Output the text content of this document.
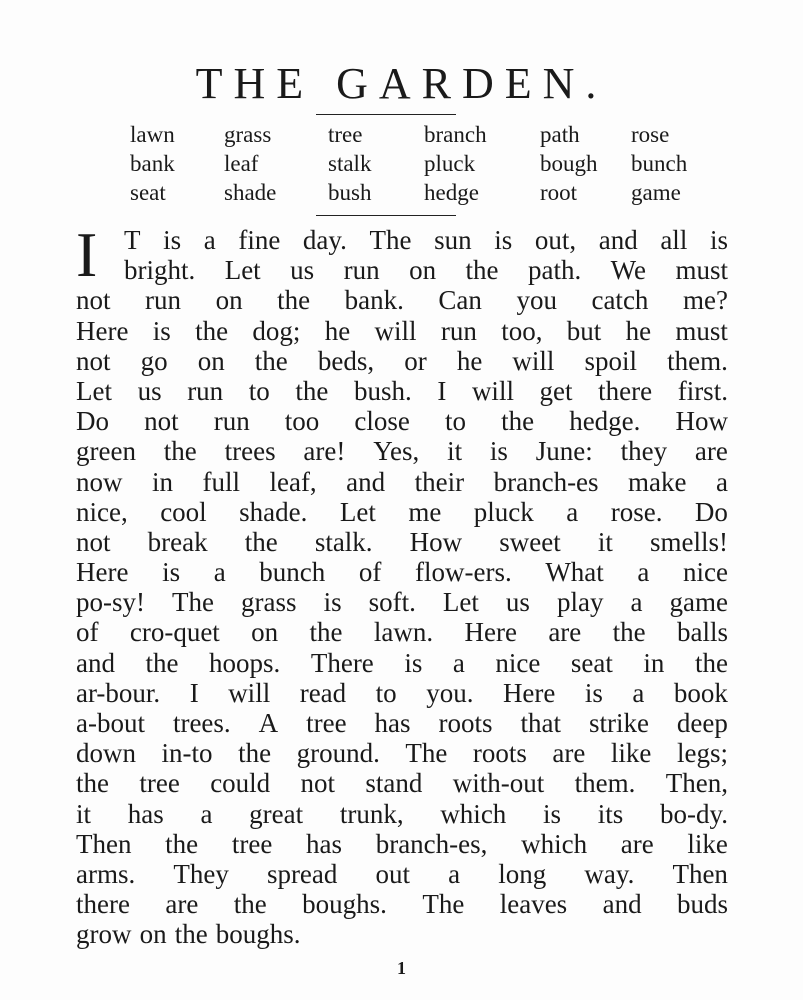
THE GARDEN.
lawn	grass	tree	branch	path	rose
bank	leaf	stalk	pluck	bough	bunch
seat	shade	bush	hedge	root	game
I T is a fine day. The sun is out, and all is
bright. Let us run on the path. We must
not run on the bank. Can you catch me?
Here is the dog; he will run too, but he must
not go on the beds, or he will spoil them.
Let us run to the bush. I will get there first.
Do not run too close to the hedge. How
green the trees are! Yes, it is June: they are
now in full leaf, and their branch-es make a
nice, cool shade. Let me pluck a rose. Do
not break the stalk. How sweet it smells!
Here is a bunch of flow-ers. What a nice
po-sy! The grass is soft. Let us play a game
of cro-quet on the lawn. Here are the balls
and the hoops. There is a nice seat in the
ar-bour. I will read to you. Here is a book
a-bout trees. A tree has roots that strike deep
down in-to the ground. The roots are like legs;
the tree could not stand with-out them. Then,
it has a great trunk, which is its bo-dy.
Then the tree has branch-es, which are like
arms. They spread out a long way. Then
there are the boughs. The leaves and buds
grow on the boughs.
1
